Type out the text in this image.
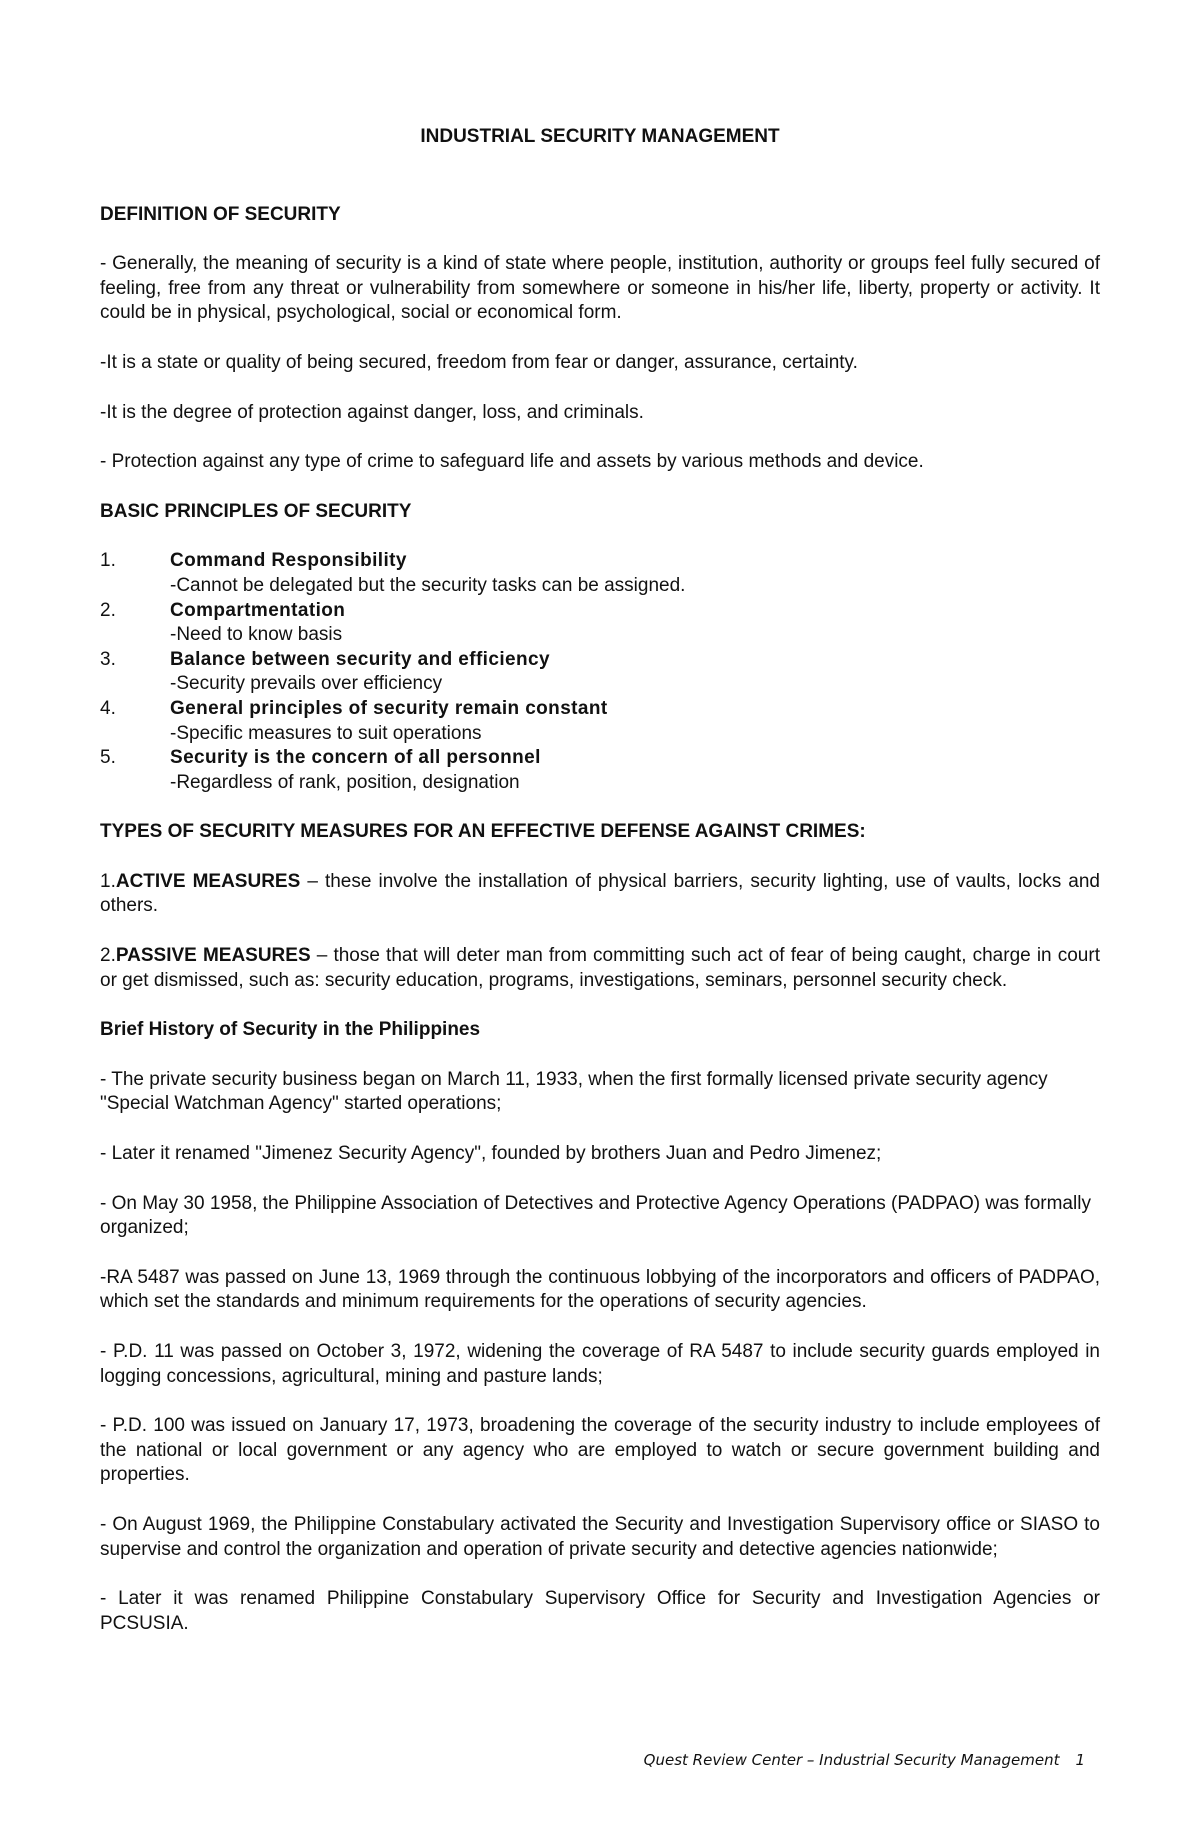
INDUSTRIAL SECURITY MANAGEMENT
DEFINITION OF SECURITY
- Generally, the meaning of security is a kind of state where people, institution, authority or groups feel fully secured of feeling, free from any threat or vulnerability from somewhere or someone in his/her life, liberty, property or activity. It could be in physical, psychological, social or economical form.
-It is a state or quality of being secured, freedom from fear or danger, assurance, certainty.
-It is the degree of protection against danger, loss, and criminals.
- Protection against any type of crime to safeguard life and assets by various methods and device.
BASIC PRINCIPLES OF SECURITY
1.	Command Responsibility
-Cannot be delegated but the security tasks can be assigned.
2.	Compartmentation
-Need to know basis
3.	Balance between security and efficiency
-Security prevails over efficiency
4.	General principles of security remain constant
-Specific measures to suit operations
5.	Security is the concern of all personnel
-Regardless of rank, position, designation
TYPES OF SECURITY MEASURES FOR AN EFFECTIVE DEFENSE AGAINST CRIMES:
1.ACTIVE MEASURES – these involve the installation of physical barriers, security lighting, use of vaults, locks and others.
2.PASSIVE MEASURES – those that will deter man from committing such act of fear of being caught, charge in court or get dismissed, such as: security education, programs, investigations, seminars, personnel security check.
Brief History of Security in the Philippines
- The private security business began on March 11, 1933, when the first formally licensed private security agency "Special Watchman Agency" started operations;
- Later it renamed "Jimenez Security Agency", founded by brothers Juan and Pedro Jimenez;
- On May 30 1958, the Philippine Association of Detectives and Protective Agency Operations (PADPAO) was formally organized;
-RA 5487 was passed on June 13, 1969 through the continuous lobbying of the incorporators and officers of PADPAO, which set the standards and minimum requirements for the operations of security agencies.
- P.D. 11 was passed on October 3, 1972, widening the coverage of RA 5487 to include security guards employed in logging concessions, agricultural, mining and pasture lands;
- P.D. 100 was issued on January 17, 1973, broadening the coverage of the security industry to include employees of the national or local government or any agency who are employed to watch or secure government building and properties.
- On August 1969, the Philippine Constabulary activated the Security and Investigation Supervisory office or SIASO to supervise and control the organization and operation of private security and detective agencies nationwide;
- Later it was renamed Philippine Constabulary Supervisory Office for Security and Investigation Agencies or PCSUSIA.
Quest Review Center – Industrial Security Management 1
